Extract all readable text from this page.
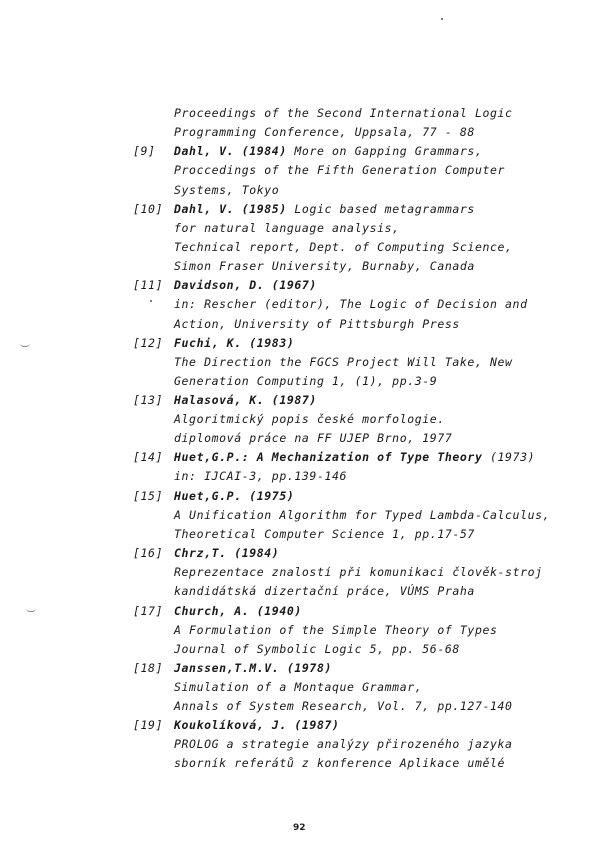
Proceedings of the Second International Logic
Programming Conference, Uppsala, 77 - 88
[9] Dahl, V. (1984) More on Gapping Grammars,
Proccedings of the Fifth Generation Computer
Systems, Tokyo
[10] Dahl, V. (1985) Logic based metagrammars
for natural language analysis,
Technical report, Dept. of Computing Science,
Simon Fraser University, Burnaby, Canada
[11] Davidson, D. (1967)
in: Rescher (editor), The Logic of Decision and
Action, University of Pittsburgh Press
[12] Fuchi, K. (1983)
The Direction the FGCS Project Will Take, New
Generation Computing 1, (1), pp.3-9
[13] Halasová, K. (1987)
Algoritmický popis české morfologie.
diplomová práce na FF UJEP Brno, 1977
[14] Huet,G.P.: A Mechanization of Type Theory (1973)
in: IJCAI-3, pp.139-146
[15] Huet,G.P. (1975)
A Unification Algorithm for Typed Lambda-Calculus,
Theoretical Computer Science 1, pp.17-57
[16] Chrz,T. (1984)
Reprezentace znalostí při komunikaci člověk-stroj
kandidátská dizertační práce, VÚMS Praha
[17] Church, A. (1940)
A Formulation of the Simple Theory of Types
Journal of Symbolic Logic 5, pp. 56-68
[18] Janssen,T.M.V. (1978)
Simulation of a Montaque Grammar,
Annals of System Research, Vol. 7, pp.127-140
[19] Koukolíková, J. (1987)
PROLOG a strategie analýzy přirozeného jazyka
sborník referátů z konference Aplikace umělé
92
